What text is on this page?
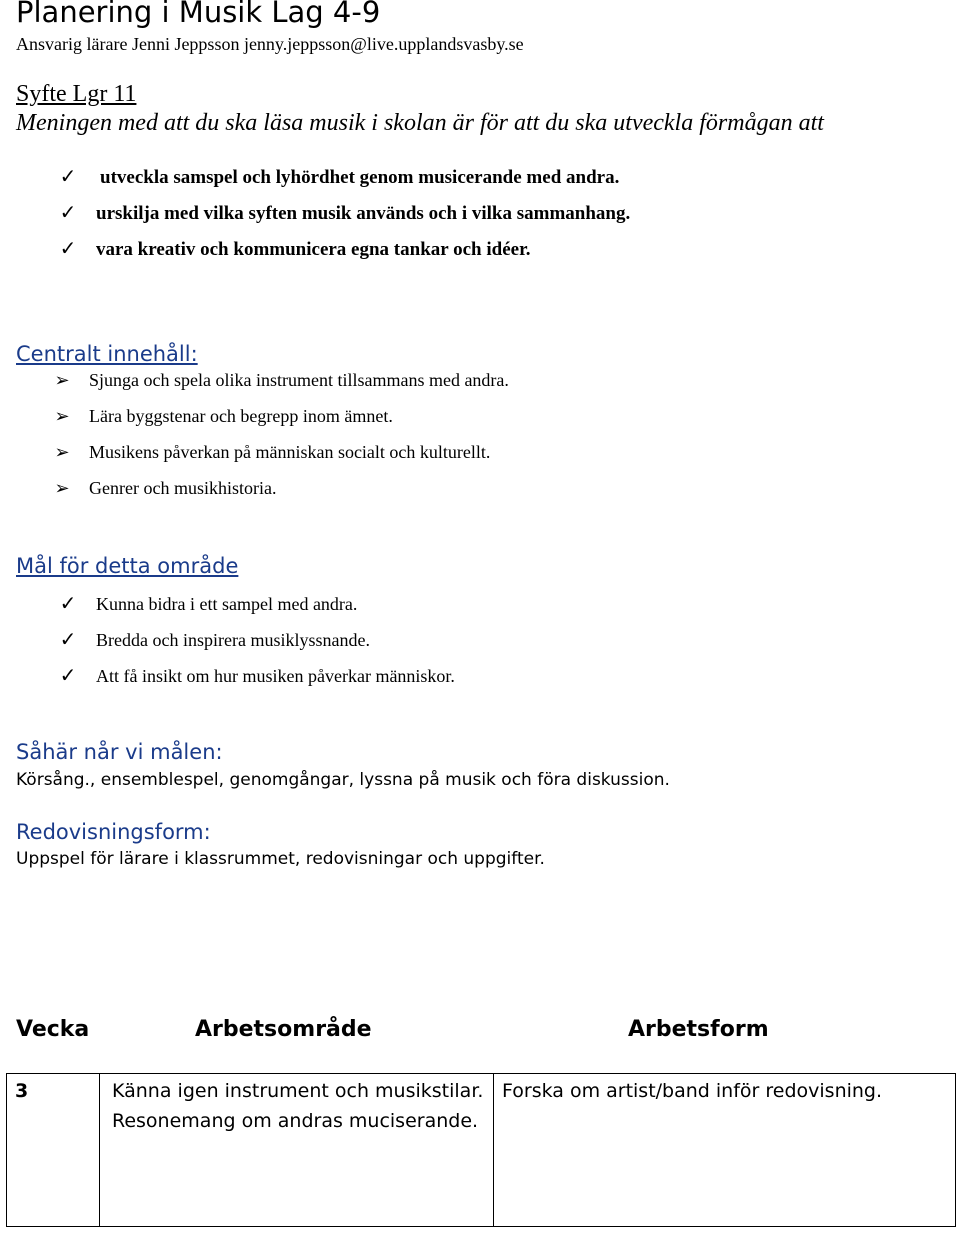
Planering i Musik Lag 4-9
Ansvarig lärare Jenni Jeppsson jenny.jeppsson@live.upplandsvasby.se
Syfte Lgr 11
Meningen med att du ska läsa musik i skolan är för att du ska utveckla förmågan att
✓ utveckla samspel och lyhördhet genom musicerande med andra.
✓ urskilja med vilka syften musik används och i vilka sammanhang.
✓ vara kreativ och kommunicera egna tankar och idéer.
Centralt innehåll:
➢ Sjunga och spela olika instrument tillsammans med andra.
➢ Lära byggstenar och begrepp inom ämnet.
➢ Musikens påverkan på människan socialt och kulturellt.
➢ Genrer och musikhistoria.
Mål för detta område
✓ Kunna bidra i ett sampel med andra.
✓ Bredda och inspirera musiklyssnande.
✓ Att få insikt om hur musiken påverkar människor.
Såhär når vi målen:
Körsång., ensemblespel, genomgångar, lyssna på musik och föra diskussion.
Redovisningsform:
Uppspel för lärare i klassrummet, redovisningar och uppgifter.
Vecka	Arbetsområde	Arbetsform
3	Känna igen instrument och musikstilar. Resonemang om andras muciserande.	Forska om artist/band inför redovisning.
